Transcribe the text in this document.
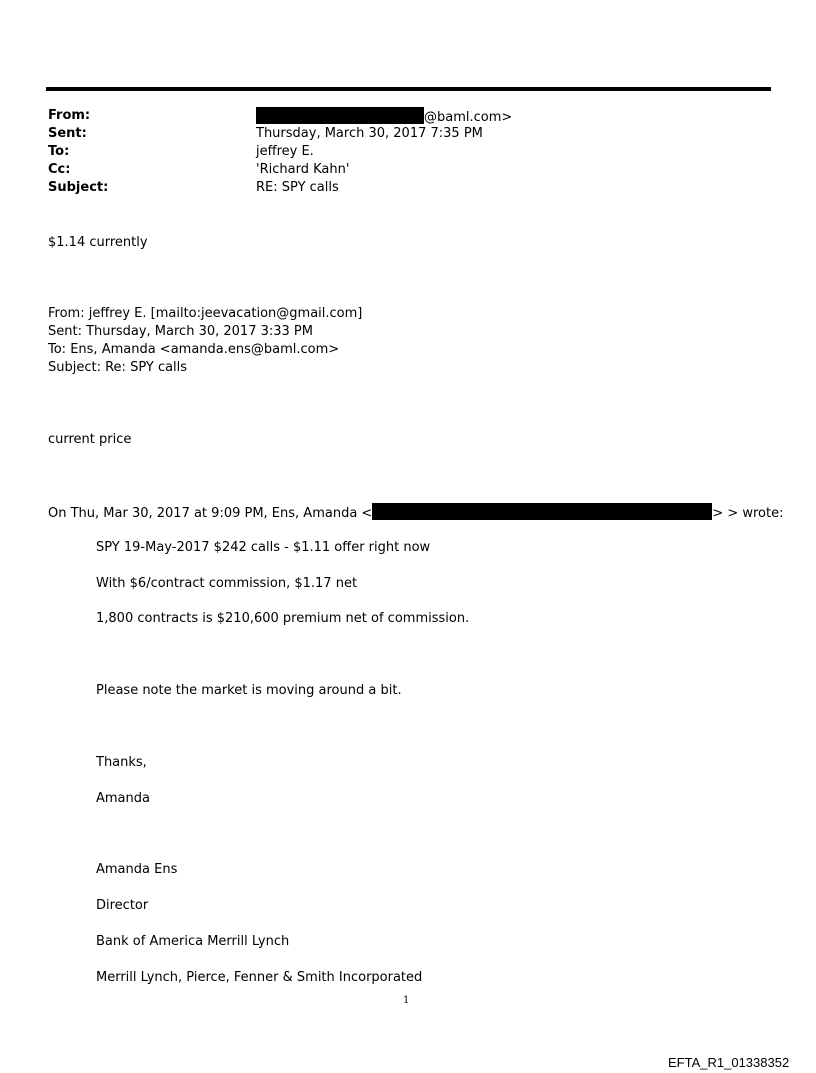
From:	@baml.com>
Sent:	Thursday, March 30, 2017 7:35 PM
To:	jeffrey E.
Cc:	'Richard Kahn'
Subject:	RE: SPY calls
$1.14 currently
From: jeffrey E. [mailto:jeevacation@gmail.com]
Sent: Thursday, March 30, 2017 3:33 PM
To: Ens, Amanda <amanda.ens@baml.com>
Subject: Re: SPY calls
current price
On Thu, Mar 30, 2017 at 9:09 PM, Ens, Amanda <	> > wrote:
SPY 19-May-2017 $242 calls - $1.11 offer right now
With $6/contract commission, $1.17 net
1,800 contracts is $210,600 premium net of commission.
Please note the market is moving around a bit.
Thanks,
Amanda
Amanda Ens
Director
Bank of America Merrill Lynch
Merrill Lynch, Pierce, Fenner & Smith Incorporated
1
EFTA_R1_01338352
